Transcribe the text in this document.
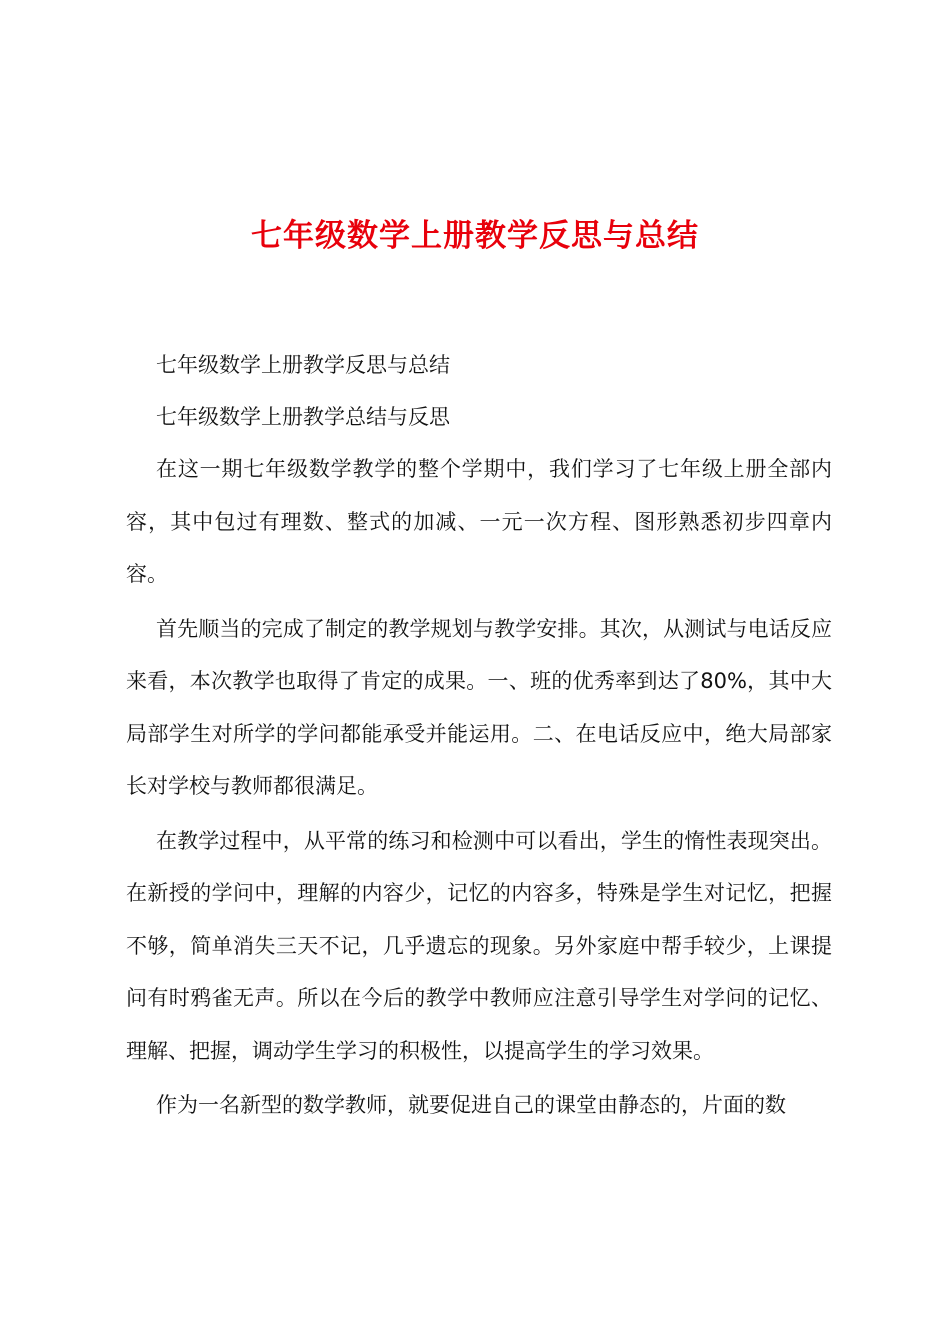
七年级数学上册教学反思与总结
七年级数学上册教学反思与总结
七年级数学上册教学总结与反思

在这一期七年级数学教学的整个学期中，我们学习了七年级上册全部内容，其中包过有理数、整式的加减、一元一次方程、图形熟悉初步四章内容。

首先顺当的完成了制定的教学规划与教学安排。其次，从测试与电话反应来看，本次教学也取得了肯定的成果。一、班的优秀率到达了80%，其中大局部学生对所学的学问都能承受并能运用。二、在电话反应中，绝大局部家长对学校与教师都很满足。

在教学过程中，从平常的练习和检测中可以看出，学生的惰性表现突出。在新授的学问中，理解的内容少，记忆的内容多，特殊是学生对记忆，把握不够，简单消失三天不记，几乎遗忘的现象。另外家庭中帮手较少，上课提问有时鸦雀无声。所以在今后的教学中教师应注意引导学生对学问的记忆、理解、把握，调动学生学习的积极性，以提高学生的学习效果。

作为一名新型的数学教师，就要促进自己的课堂由静态的，片面的数
